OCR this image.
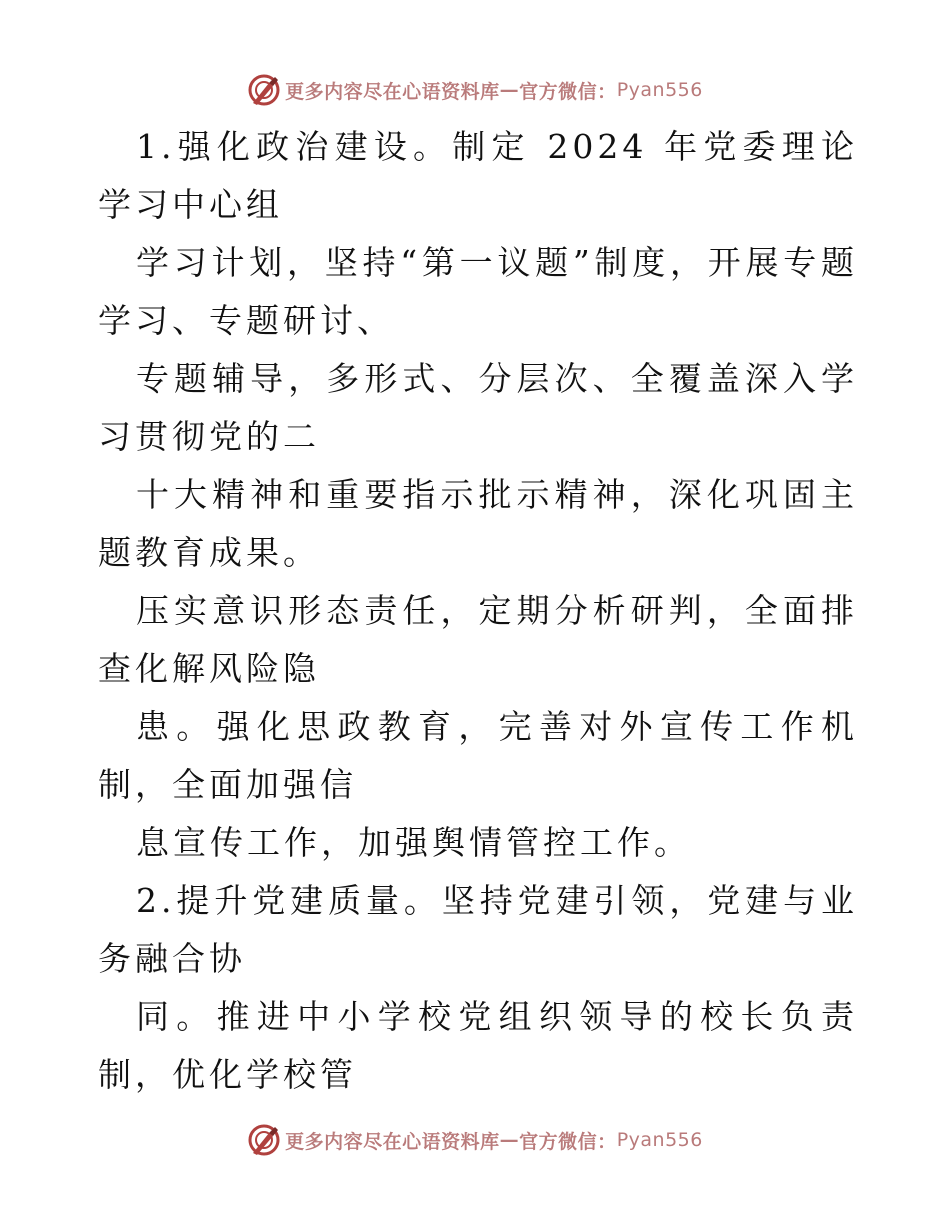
更多内容尽在心语资料库 — 官方微信： Pyan556

1.强化政治建设。制定 2024 年党委理论学习中心组

学习计划，坚持“第一议题”制度，开展专题学习、专题研讨、

专题辅导，多形式、分层次、全覆盖深入学习贯彻党的二

十大精神和重要指示批示精神，深化巩固主题教育成果。

压实意识形态责任，定期分析研判，全面排查化解风险隐

患。强化思政教育，完善对外宣传工作机制，全面加强信

息宣传工作，加强舆情管控工作。

2.提升党建质量。坚持党建引领，党建与业务融合协

同。推进中小学校党组织领导的校长负责制，优化学校管

更多内容尽在心语资料库 — 官方微信： Pyan556
